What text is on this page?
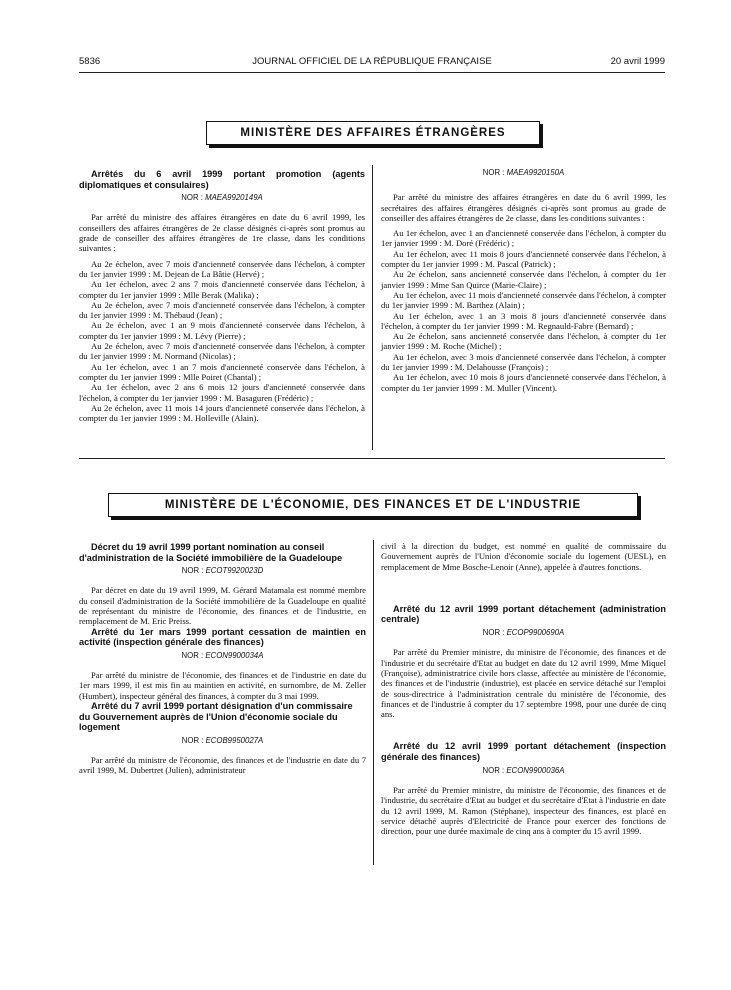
5836	JOURNAL OFFICIEL DE LA RÉPUBLIQUE FRANÇAISE	20 avril 1999
MINISTÈRE DES AFFAIRES ÉTRANGÈRES

Arrêtés du 6 avril 1999 portant promotion (agents diplomatiques et consulaires)

NOR : MAEA9920149A

Par arrêté du ministre des affaires étrangères en date du 6 avril 1999, les conseillers des affaires étrangères de 2e classe désignés ci-après sont promus au grade de conseiller des affaires étrangères de 1re classe, dans les conditions suivantes :

Au 2e échelon, avec 7 mois d'ancienneté conservée dans l'échelon, à compter du 1er janvier 1999 : M. Dejean de La Bâtie (Hervé) ;

Au 1er échelon, avec 2 ans 7 mois d'ancienneté conservée dans l'échelon, à compter du 1er janvier 1999 : Mlle Berak (Malika) ;

Au 2e échelon, avec 7 mois d'ancienneté conservée dans l'échelon, à compter du 1er janvier 1999 : M. Thébaud (Jean) ;

Au 2e échelon, avec 1 an 9 mois d'ancienneté conservée dans l'échelon, à compter du 1er janvier 1999 : M. Lévy (Pierre) ;

Au 2e échelon, avec 7 mois d'ancienneté conservée dans l'échelon, à compter du 1er janvier 1999 : M. Normand (Nicolas) ;

Au 1er échelon, avec 1 an 7 mois d'ancienneté conservée dans l'échelon, à compter du 1er janvier 1999 : Mlle Poiret (Chantal) ;

Au 1er échelon, avec 2 ans 6 mois 12 jours d'ancienneté conservée dans l'échelon, à compter du 1er janvier 1999 : M. Basaguren (Frédéric) ;

Au 2e échelon, avec 11 mois 14 jours d'ancienneté conservée dans l'échelon, à compter du 1er janvier 1999 : M. Holleville (Alain).

NOR : MAEA9920150A

Par arrêté du ministre des affaires étrangères en date du 6 avril 1999, les secrétaires des affaires étrangères désignés ci-après sont promus au grade de conseiller des affaires étrangères de 2e classe, dans les conditions suivantes :

Au 1er échelon, avec 1 an d'ancienneté conservée dans l'échelon, à compter du 1er janvier 1999 : M. Doré (Frédéric) ;

Au 1er échelon, avec 11 mois 8 jours d'ancienneté conservée dans l'échelon, à compter du 1er janvier 1999 : M. Pascal (Patrick) ;

Au 2e échelon, sans ancienneté conservée dans l'échelon, à compter du 1er janvier 1999 : Mme San Quirce (Marie-Claire) ;

Au 1er échelon, avec 11 mois d'ancienneté conservée dans l'échelon, à compter du 1er janvier 1999 : M. Barthez (Alain) ;

Au 1er échelon, avec 1 an 3 mois 8 jours d'ancienneté conservée dans l'échelon, à compter du 1er janvier 1999 : M. Regnauld-Fabre (Bernard) ;

Au 2e échelon, sans ancienneté conservée dans l'échelon, à compter du 1er janvier 1999 : M. Roche (Michel) ;

Au 1er échelon, avec 3 mois d'ancienneté conservée dans l'échelon, à compter du 1er janvier 1999 : M. Delahousse (François) ;

Au 1er échelon, avec 10 mois 8 jours d'ancienneté conservée dans l'échelon, à compter du 1er janvier 1999 : M. Muller (Vincent).

MINISTÈRE DE L'ÉCONOMIE, DES FINANCES ET DE L'INDUSTRIE

Décret du 19 avril 1999 portant nomination au conseil d'administration de la Société immobilière de la Guadeloupe

NOR : ECOT9920023D

Par décret en date du 19 avril 1999, M. Gérard Matamala est nommé membre du conseil d'administration de la Société immobilière de la Guadeloupe en qualité de représentant du ministre de l'économie, des finances et de l'industrie, en remplacement de M. Eric Preiss.

Arrêté du 1er mars 1999 portant cessation de maintien en activité (inspection générale des finances)

NOR : ECON9900034A

Par arrêté du ministre de l'économie, des finances et de l'industrie en date du 1er mars 1999, il est mis fin au maintien en activité, en surnombre, de M. Zeller (Humbert), inspecteur général des finances, à compter du 3 mai 1999.

Arrêté du 7 avril 1999 portant désignation d'un commissaire du Gouvernement auprès de l'Union d'économie sociale du logement

NOR : ECOB9950027A

Par arrêté du ministre de l'économie, des finances et de l'industrie en date du 7 avril 1999, M. Dubertret (Julien), administrateur

civil à la direction du budget, est nommé en qualité de commissaire du Gouvernement auprès de l'Union d'économie sociale du logement (UESL), en remplacement de Mme Bosche-Lenoir (Anne), appelée à d'autres fonctions.

Arrêté du 12 avril 1999 portant détachement (administration centrale)

NOR : ECOP9900690A

Par arrêté du Premier ministre, du ministre de l'économie, des finances et de l'industrie et du secrétaire d'Etat au budget en date du 12 avril 1999, Mme Miquel (Françoise), administratrice civile hors classe, affectée au ministère de l'économie, des finances et de l'industrie (industrie), est placée en service détaché sur l'emploi de sous-directrice à l'administration centrale du ministère de l'économie, des finances et de l'industrie à compter du 17 septembre 1998, pour une durée de cinq ans.

Arrêté du 12 avril 1999 portant détachement (inspection générale des finances)

NOR : ECON9900036A

Par arrêté du Premier ministre, du ministre de l'économie, des finances et de l'industrie, du secrétaire d'Etat au budget et du secrétaire d'Etat à l'industrie en date du 12 avril 1999, M. Ramon (Stéphane), inspecteur des finances, est placé en service détaché auprès d'Electricité de France pour exercer des fonctions de direction, pour une durée maximale de cinq ans à compter du 15 avril 1999.
